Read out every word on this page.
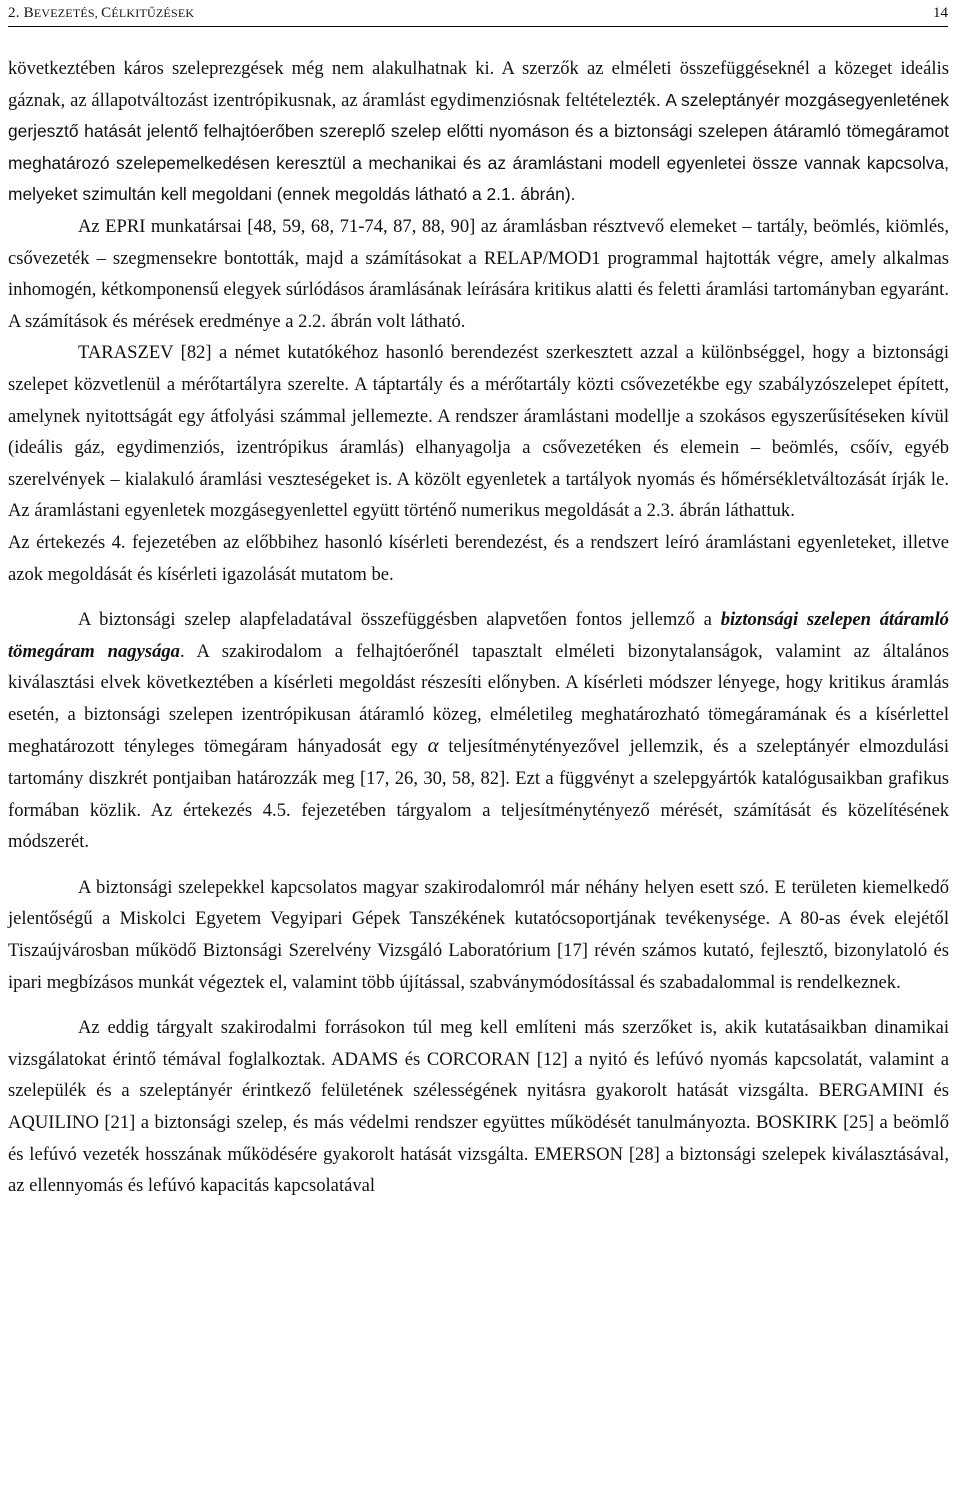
2. BEVEZETÉS, CÉLKITŰZÉSEK	14

következtében káros szeleprezgések még nem alakulhatnak ki. A szerzők az elméleti összefüggéseknél a közeget ideális gáznak, az állapotváltozást izentrópikusnak, az áramlást egydimenziósnak feltételezték. A szeleptányér mozgásegyenletének gerjesztő hatását jelentő felhajtóerőben szereplő szelep előtti nyomáson és a biztonsági szelepen átáramló tömegáramot meghatározó szelepemelkedésen keresztül a mechanikai és az áramlástani modell egyenletei össze vannak kapcsolva, melyeket szimultán kell megoldani (ennek megoldás látható a 2.1. ábrán).

Az EPRI munkatársai [48, 59, 68, 71-74, 87, 88, 90] az áramlásban résztvevő elemeket – tartály, beömlés, kiömlés, csővezeték – szegmensekre bontották, majd a számításokat a RELAP/MOD1 programmal hajtották végre, amely alkalmas inhomogén, kétkomponensű elegyek súrlódásos áramlásának leírására kritikus alatti és feletti áramlási tartományban egyaránt. A számítások és mérések eredménye a 2.2. ábrán volt látható.

TARASZEV [82] a német kutatókéhoz hasonló berendezést szerkesztett azzal a különbséggel, hogy a biztonsági szelepet közvetlenül a mérőtartályra szerelte. A táptartály és a mérőtartály közti csővezetékbe egy szabályzószelepet épített, amelynek nyitottságát egy átfolyási számmal jellemezte. A rendszer áramlástani modellje a szokásos egyszerűsítéseken kívül (ideális gáz, egydimenziós, izentrópikus áramlás) elhanyagolja a csővezetéken és elemein – beömlés, csőív, egyéb szerelvények – kialakuló áramlási veszteségeket is. A közölt egyenletek a tartályok nyomás és hőmérsékletváltozását írják le. Az áramlástani egyenletek mozgásegyenlettel együtt történő numerikus megoldását a 2.3. ábrán láthattuk.

Az értekezés 4. fejezetében az előbbihez hasonló kísérleti berendezést, és a rendszert leíró áramlástani egyenleteket, illetve azok megoldását és kísérleti igazolását mutatom be.

A biztonsági szelep alapfeladatával összefüggésben alapvetően fontos jellemző a biztonsági szelepen átáramló tömegáram nagysága. A szakirodalom a felhajtóerőnél tapasztalt elméleti bizonytalanságok, valamint az általános kiválasztási elvek következtében a kísérleti megoldást részesíti előnyben. A kísérleti módszer lényege, hogy kritikus áramlás esetén, a biztonsági szelepen izentrópikusan átáramló közeg, elméletileg meghatározható tömegáramának és a kísérlettel meghatározott tényleges tömegáram hányadosát egy α teljesítménytényezővel jellemzik, és a szeleptányér elmozdulási tartomány diszkrét pontjaiban határozzák meg [17, 26, 30, 58, 82]. Ezt a függvényt a szelepgyártók katalógusaikban grafikus formában közlik. Az értekezés 4.5. fejezetében tárgyalom a teljesítménytényező mérését, számítását és közelítésének módszerét.

A biztonsági szelepekkel kapcsolatos magyar szakirodalomról már néhány helyen esett szó. E területen kiemelkedő jelentőségű a Miskolci Egyetem Vegyipari Gépek Tanszékének kutatócsoportjának tevékenysége. A 80-as évek elejétől Tiszaújvárosban működő Biztonsági Szerelvény Vizsgáló Laboratórium [17] révén számos kutató, fejlesztő, bizonylatoló és ipari megbízásos munkát végeztek el, valamint több újítással, szabványmódosítással és szabadalommal is rendelkeznek.

Az eddig tárgyalt szakirodalmi forrásokon túl meg kell említeni más szerzőket is, akik kutatásaikban dinamikai vizsgálatokat érintő témával foglalkoztak. ADAMS és CORCORAN [12] a nyitó és lefúvó nyomás kapcsolatát, valamint a szelepülék és a szeleptányér érintkező felületének szélességének nyitásra gyakorolt hatását vizsgálta. BERGAMINI és AQUILINO [21] a biztonsági szelep, és más védelmi rendszer együttes működését tanulmányozta. BOSKIRK [25] a beömlő és lefúvó vezeték hosszának működésére gyakorolt hatását vizsgálta. EMERSON [28] a biztonsági szelepek kiválasztásával, az ellennyomás és lefúvó kapacitás kapcsolatával
